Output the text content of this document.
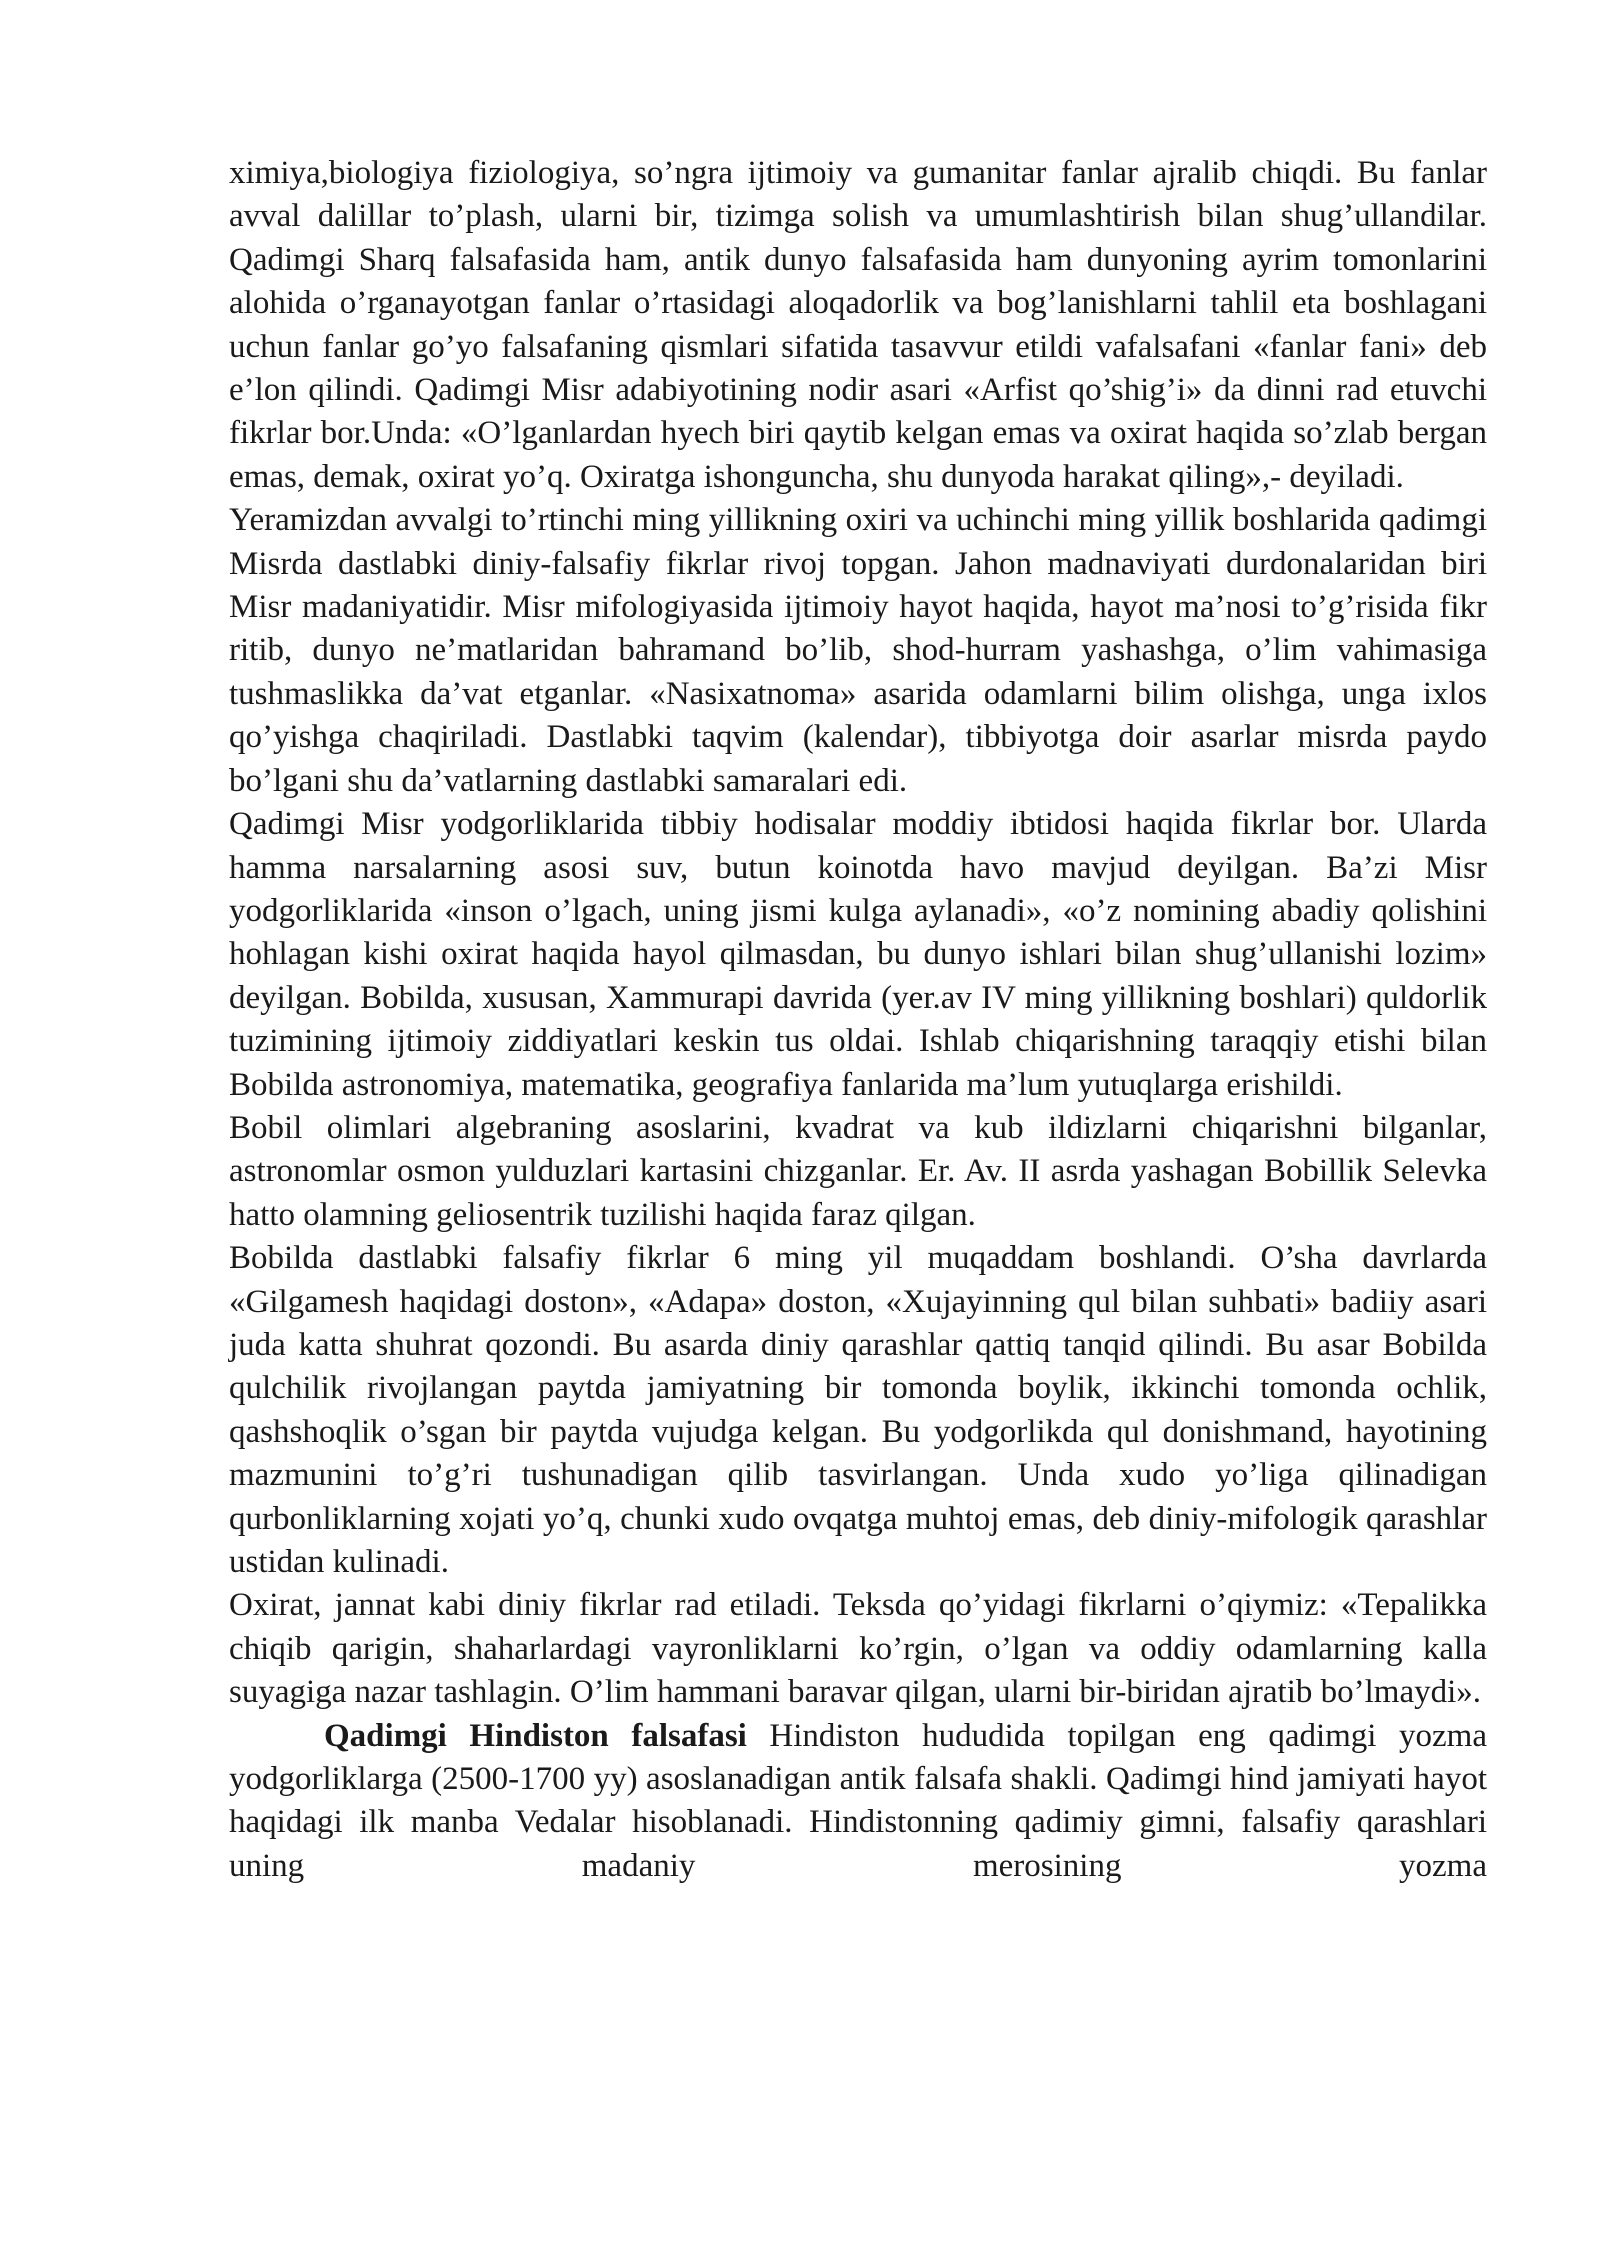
ximiya,biologiya fiziologiya, so’ngra ijtimoiy va gumanitar fanlar ajralib chiqdi. Bu fanlar avval dalillar to’plash, ularni bir, tizimga solish va umumlashtirish bilan shug’ullandilar. Qadimgi Sharq falsafasida ham, antik dunyo falsafasida ham dunyoning ayrim tomonlarini alohida o’rganayotgan fanlar o’rtasidagi aloqadorlik va bog’lanishlarni tahlil eta boshlagani uchun fanlar go’yo falsafaning qismlari sifatida tasavvur etildi vafalsafani «fanlar fani» deb e’lon qilindi. Qadimgi Misr adabiyotining nodir asari «Arfist qo’shig’i» da dinni rad etuvchi fikrlar bor.Unda: «O’lganlardan hyech biri qaytib kelgan emas va oxirat haqida so’zlab bergan emas, demak, oxirat yo’q. Oxiratga ishonguncha, shu dunyoda harakat qiling»,- deyiladi.

Yeramizdan avvalgi to’rtinchi ming yillikning oxiri va uchinchi ming yillik boshlarida qadimgi Misrda dastlabki diniy-falsafiy fikrlar rivoj topgan. Jahon madnaviyati durdonalaridan biri Misr madaniyatidir. Misr mifologiyasida ijtimoiy hayot haqida, hayot ma’nosi to’g’risida fikr ritib, dunyo ne’matlaridan bahramand bo’lib, shod-hurram yashashga, o’lim vahimasiga tushmaslikka da’vat etganlar. «Nasixatnoma» asarida odamlarni bilim olishga, unga ixlos qo’yishga chaqiriladi. Dastlabki taqvim (kalendar), tibbiyotga doir asarlar misrda paydo bo’lgani shu da’vatlarning dastlabki samaralari edi.

Qadimgi Misr yodgorliklarida tibbiy hodisalar moddiy ibtidosi haqida fikrlar bor. Ularda hamma narsalarning asosi suv, butun koinotda havo mavjud deyilgan. Ba’zi Misr yodgorliklarida «inson o’lgach, uning jismi kulga aylanadi», «o’z nomining abadiy qolishini hohlagan kishi oxirat haqida hayol qilmasdan, bu dunyo ishlari bilan shug’ullanishi lozim» deyilgan. Bobilda, xususan, Xammurapi davrida (yer.av IV ming yillikning boshlari) quldorlik tuzimining ijtimoiy ziddiyatlari keskin tus oldai. Ishlab chiqarishning taraqqiy etishi bilan Bobilda astronomiya, matematika, geografiya fanlarida ma’lum yutuqlarga erishildi.

Bobil olimlari algebraning asoslarini, kvadrat va kub ildizlarni chiqarishni bilganlar, astronomlar osmon yulduzlari kartasini chizganlar. Er. Av. II asrda yashagan Bobillik Selevka hatto olamning geliosentrik tuzilishi haqida faraz qilgan.

Bobilda dastlabki falsafiy fikrlar 6 ming yil muqaddam boshlandi. O’sha davrlarda «Gilgamesh haqidagi doston», «Adapa» doston, «Xujayinning qul bilan suhbati» badiiy asari juda katta shuhrat qozondi. Bu asarda diniy qarashlar qattiq tanqid qilindi. Bu asar Bobilda qulchilik rivojlangan paytda jamiyatning bir tomonda boylik, ikkinchi tomonda ochlik, qashshoqlik o’sgan bir paytda vujudga kelgan. Bu yodgorlikda qul donishmand, hayotining mazmunini to’g’ri tushunadigan qilib tasvirlangan. Unda xudo yo’liga qilinadigan qurbonliklarning xojati yo’q, chunki xudo ovqatga muhtoj emas, deb diniy-mifologik qarashlar ustidan kulinadi.

Oxirat, jannat kabi diniy fikrlar rad etiladi. Teksda qo’yidagi fikrlarni o’qiymiz: «Tepalikka chiqib qarigin, shaharlardagi vayronliklarni ko’rgin, o’lgan va oddiy odamlarning kalla suyagiga nazar tashlagin. O’lim hammani baravar qilgan, ularni bir-biridan ajratib bo’lmaydi».

Qadimgi Hindiston falsafasi Hindiston hududida topilgan eng qadimgi yozma yodgorliklarga (2500-1700 yy) asoslanadigan antik falsafa shakli. Qadimgi hind jamiyati hayot haqidagi ilk manba Vedalar hisoblanadi. Hindistonning qadimiy gimni, falsafiy qarashlari uning madaniy merosining yozma
